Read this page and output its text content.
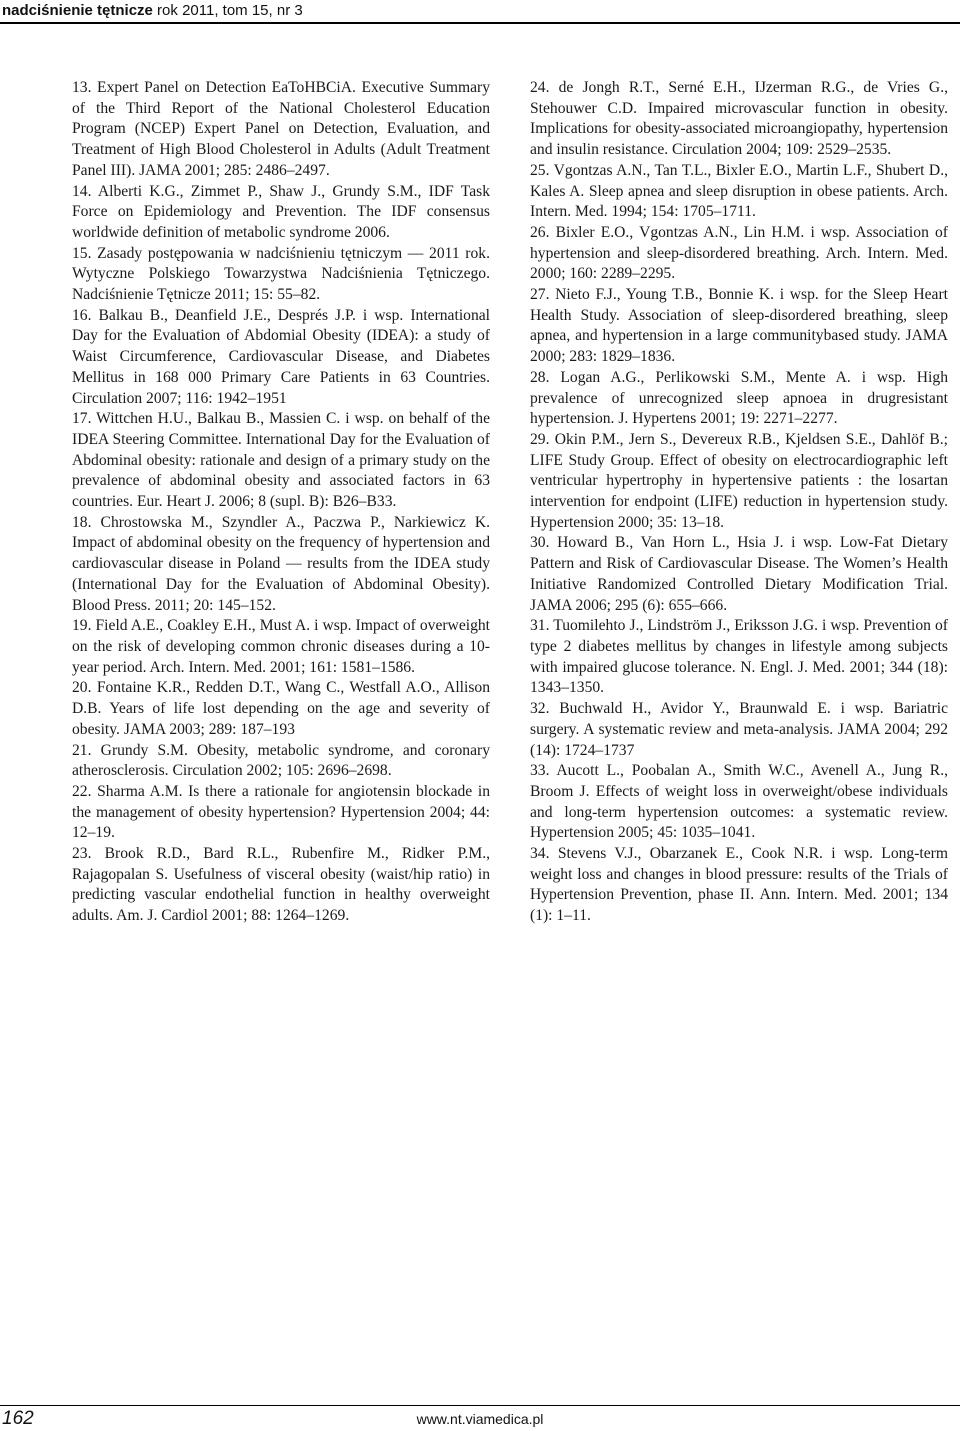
nadciśnienie tętnicze rok 2011, tom 15, nr 3

13. Expert Panel on Detection EaToHBCiA. Executive Summary of the Third Report of the National Cholesterol Education Program (NCEP) Expert Panel on Detection, Evaluation, and Treatment of High Blood Cholesterol in Adults (Adult Treatment Panel III). JAMA 2001; 285: 2486–2497.

14. Alberti K.G., Zimmet P., Shaw J., Grundy S.M., IDF Task Force on Epidemiology and Prevention. The IDF consensus worldwide definition of metabolic syndrome 2006.

15. Zasady postępowania w nadciśnieniu tętniczym — 2011 rok. Wytyczne Polskiego Towarzystwa Nadciśnienia Tętniczego. Nadciśnienie Tętnicze 2011; 15: 55–82.

16. Balkau B., Deanfield J.E., Després J.P. i wsp. International Day for the Evaluation of Abdomial Obesity (IDEA): a study of Waist Circumference, Cardiovascular Disease, and Diabetes Mellitus in 168 000 Primary Care Patients in 63 Countries. Circulation 2007; 116: 1942–1951

17. Wittchen H.U., Balkau B., Massien C. i wsp. on behalf of the IDEA Steering Committee. International Day for the Evaluation of Abdominal obesity: rationale and design of a primary study on the prevalence of abdominal obesity and associated factors in 63 countries. Eur. Heart J. 2006; 8 (supl. B): B26–B33.

18. Chrostowska M., Szyndler A., Paczwa P., Narkiewicz K. Impact of abdominal obesity on the frequency of hypertension and cardiovascular disease in Poland — results from the IDEA study (International Day for the Evaluation of Abdominal Obesity). Blood Press. 2011; 20: 145–152.

19. Field A.E., Coakley E.H., Must A. i wsp. Impact of overweight on the risk of developing common chronic diseases during a 10-year period. Arch. Intern. Med. 2001; 161: 1581–1586.

20. Fontaine K.R., Redden D.T., Wang C., Westfall A.O., Allison D.B. Years of life lost depending on the age and severity of obesity. JAMA 2003; 289: 187–193

21. Grundy S.M. Obesity, metabolic syndrome, and coronary atherosclerosis. Circulation 2002; 105: 2696–2698.

22. Sharma A.M. Is there a rationale for angiotensin blockade in the management of obesity hypertension? Hypertension 2004; 44: 12–19.

23. Brook R.D., Bard R.L., Rubenfire M., Ridker P.M., Rajagopalan S. Usefulness of visceral obesity (waist/hip ratio) in predicting vascular endothelial function in healthy overweight adults. Am. J. Cardiol 2001; 88: 1264–1269.

24. de Jongh R.T., Serné E.H., IJzerman R.G., de Vries G., Stehouwer C.D. Impaired microvascular function in obesity. Implications for obesity-associated microangiopathy, hypertension and insulin resistance. Circulation 2004; 109: 2529–2535.

25. Vgontzas A.N., Tan T.L., Bixler E.O., Martin L.F., Shubert D., Kales A. Sleep apnea and sleep disruption in obese patients. Arch. Intern. Med. 1994; 154: 1705–1711.

26. Bixler E.O., Vgontzas A.N., Lin H.M. i wsp. Association of hypertension and sleep-disordered breathing. Arch. Intern. Med. 2000; 160: 2289–2295.

27. Nieto F.J., Young T.B., Bonnie K. i wsp. for the Sleep Heart Health Study. Association of sleep-disordered breathing, sleep apnea, and hypertension in a large communitybased study. JAMA 2000; 283: 1829–1836.

28. Logan A.G., Perlikowski S.M., Mente A. i wsp. High prevalence of unrecognized sleep apnoea in drugresistant hypertension. J. Hypertens 2001; 19: 2271–2277.

29. Okin P.M., Jern S., Devereux R.B., Kjeldsen S.E., Dahlöf B.; LIFE Study Group. Effect of obesity on electrocardiographic left ventricular hypertrophy in hypertensive patients : the losartan intervention for endpoint (LIFE) reduction in hypertension study. Hypertension 2000; 35: 13–18.

30. Howard B., Van Horn L., Hsia J. i wsp. Low-Fat Dietary Pattern and Risk of Cardiovascular Disease. The Women’s Health Initiative Randomized Controlled Dietary Modification Trial. JAMA 2006; 295 (6): 655–666.

31. Tuomilehto J., Lindström J., Eriksson J.G. i wsp. Prevention of type 2 diabetes mellitus by changes in lifestyle among subjects with impaired glucose tolerance. N. Engl. J. Med. 2001; 344 (18): 1343–1350.

32. Buchwald H., Avidor Y., Braunwald E. i wsp. Bariatric surgery. A systematic review and meta-analysis. JAMA 2004; 292 (14): 1724–1737

33. Aucott L., Poobalan A., Smith W.C., Avenell A., Jung R., Broom J. Effects of weight loss in overweight/obese individuals and long-term hypertension outcomes: a systematic review. Hypertension 2005; 45: 1035–1041.

34. Stevens V.J., Obarzanek E., Cook N.R. i wsp. Long-term weight loss and changes in blood pressure: results of the Trials of Hypertension Prevention, phase II. Ann. Intern. Med. 2001; 134 (1): 1–11.

162	www.nt.viamedica.pl
